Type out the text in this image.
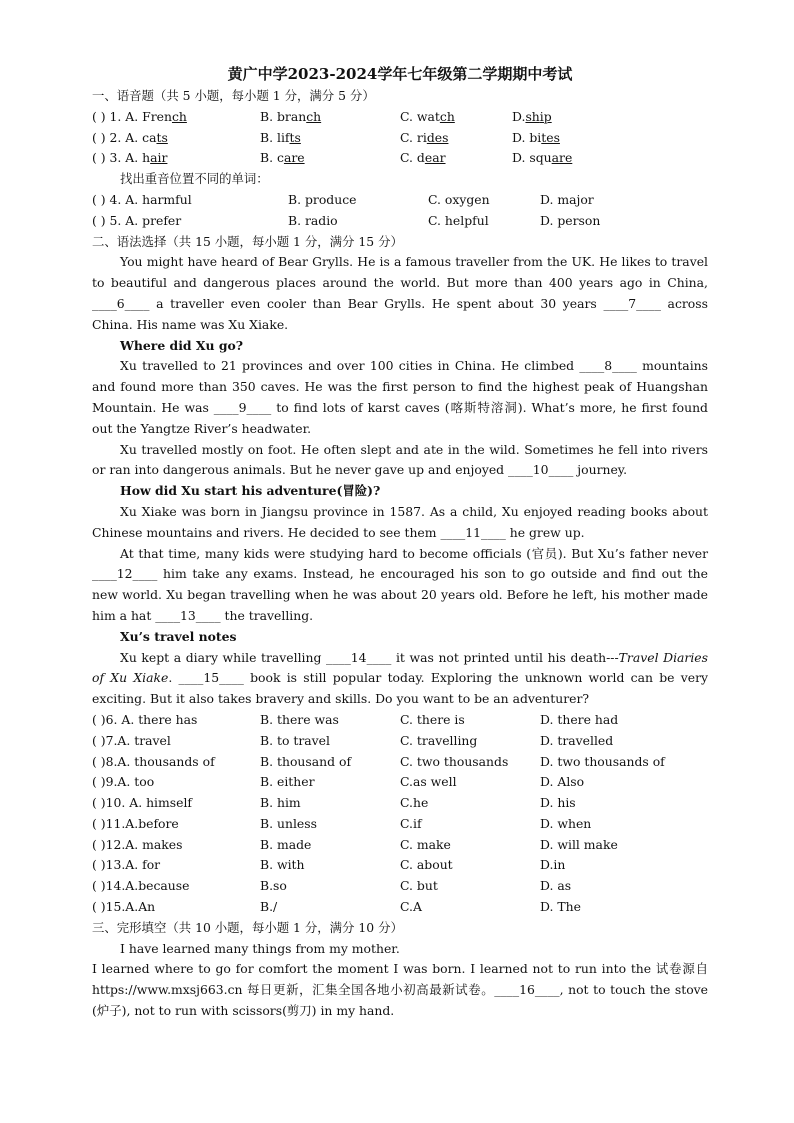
黄广中学2023-2024学年七年级第二学期期中考试
一、语音题（共 5 小题，每小题 1 分，满分 5 分）
( ) 1. A. French	B. branch	C. watch	D.ship
( ) 2. A. cats	B. lifts	C. rides	D. bites
( ) 3. A. hair	B. care	C. dear	D. square
找出重音位置不同的单词：
( ) 4. A. harmful	B. produce	C. oxygen	D. major
( ) 5. A. prefer	B. radio	C. helpful	D. person
二、语法选择（共 15 小题，每小题 1 分，满分 15 分）

You might have heard of Bear Grylls. He is a famous traveller from the UK. He likes to travel to beautiful and dangerous places around the world. But more than 400 years ago in China, ____6____ a traveller even cooler than Bear Grylls. He spent about 30 years ____7____ across China. His name was Xu Xiake.

Where did Xu go?

Xu travelled to 21 provinces and over 100 cities in China. He climbed ____8____ mountains and found more than 350 caves. He was the first person to find the highest peak of Huangshan Mountain. He was ____9____ to find lots of karst caves (喀斯特溶洞). What’s more, he first found out the Yangtze River’s headwater.

Xu travelled mostly on foot. He often slept and ate in the wild. Sometimes he fell into rivers or ran into dangerous animals. But he never gave up and enjoyed ____10____ journey.

How did Xu start his adventure(冒险)?

Xu Xiake was born in Jiangsu province in 1587. As a child, Xu enjoyed reading books about Chinese mountains and rivers. He decided to see them ____11____ he grew up.

At that time, many kids were studying hard to become officials (官员). But Xu’s father never ____12____ him take any exams. Instead, he encouraged his son to go outside and find out the new world. Xu began travelling when he was about 20 years old. Before he left, his mother made him a hat ____13____ the travelling.

Xu’s travel notes

Xu kept a diary while travelling ____14____ it was not printed until his death---Travel Diaries of Xu Xiake. ____15____ book is still popular today. Exploring the unknown world can be very exciting. But it also takes bravery and skills. Do you want to be an adventurer?

( )6. A. there has	B. there was	C. there is	D. there had
( )7.A. travel	B. to travel	C. travelling	D. travelled
( )8.A. thousands of	B. thousand of	C. two thousands	D. two thousands of
( )9.A. too	B. either	C.as well	D. Also
( )10. A. himself	B. him	C.he	D. his
( )11.A.before	B. unless	C.if	D. when
( )12.A. makes	B. made	C. make	D. will make
( )13.A. for	B. with	C. about	D.in
( )14.A.because	B.so	C. but	D. as
( )15.A.An	B./	C.A	D. The
三、完形填空（共 10 小题，每小题 1 分，满分 10 分）

I have learned many things from my mother.

I learned where to go for comfort the moment I was born. I learned not to run into the 试卷源自 https://www.mxsj663.cn 每日更新，汇集全国各地小初高最新试卷。____16____, not to touch the stove (炉子), not to run with scissors(剪刀) in my hand.
